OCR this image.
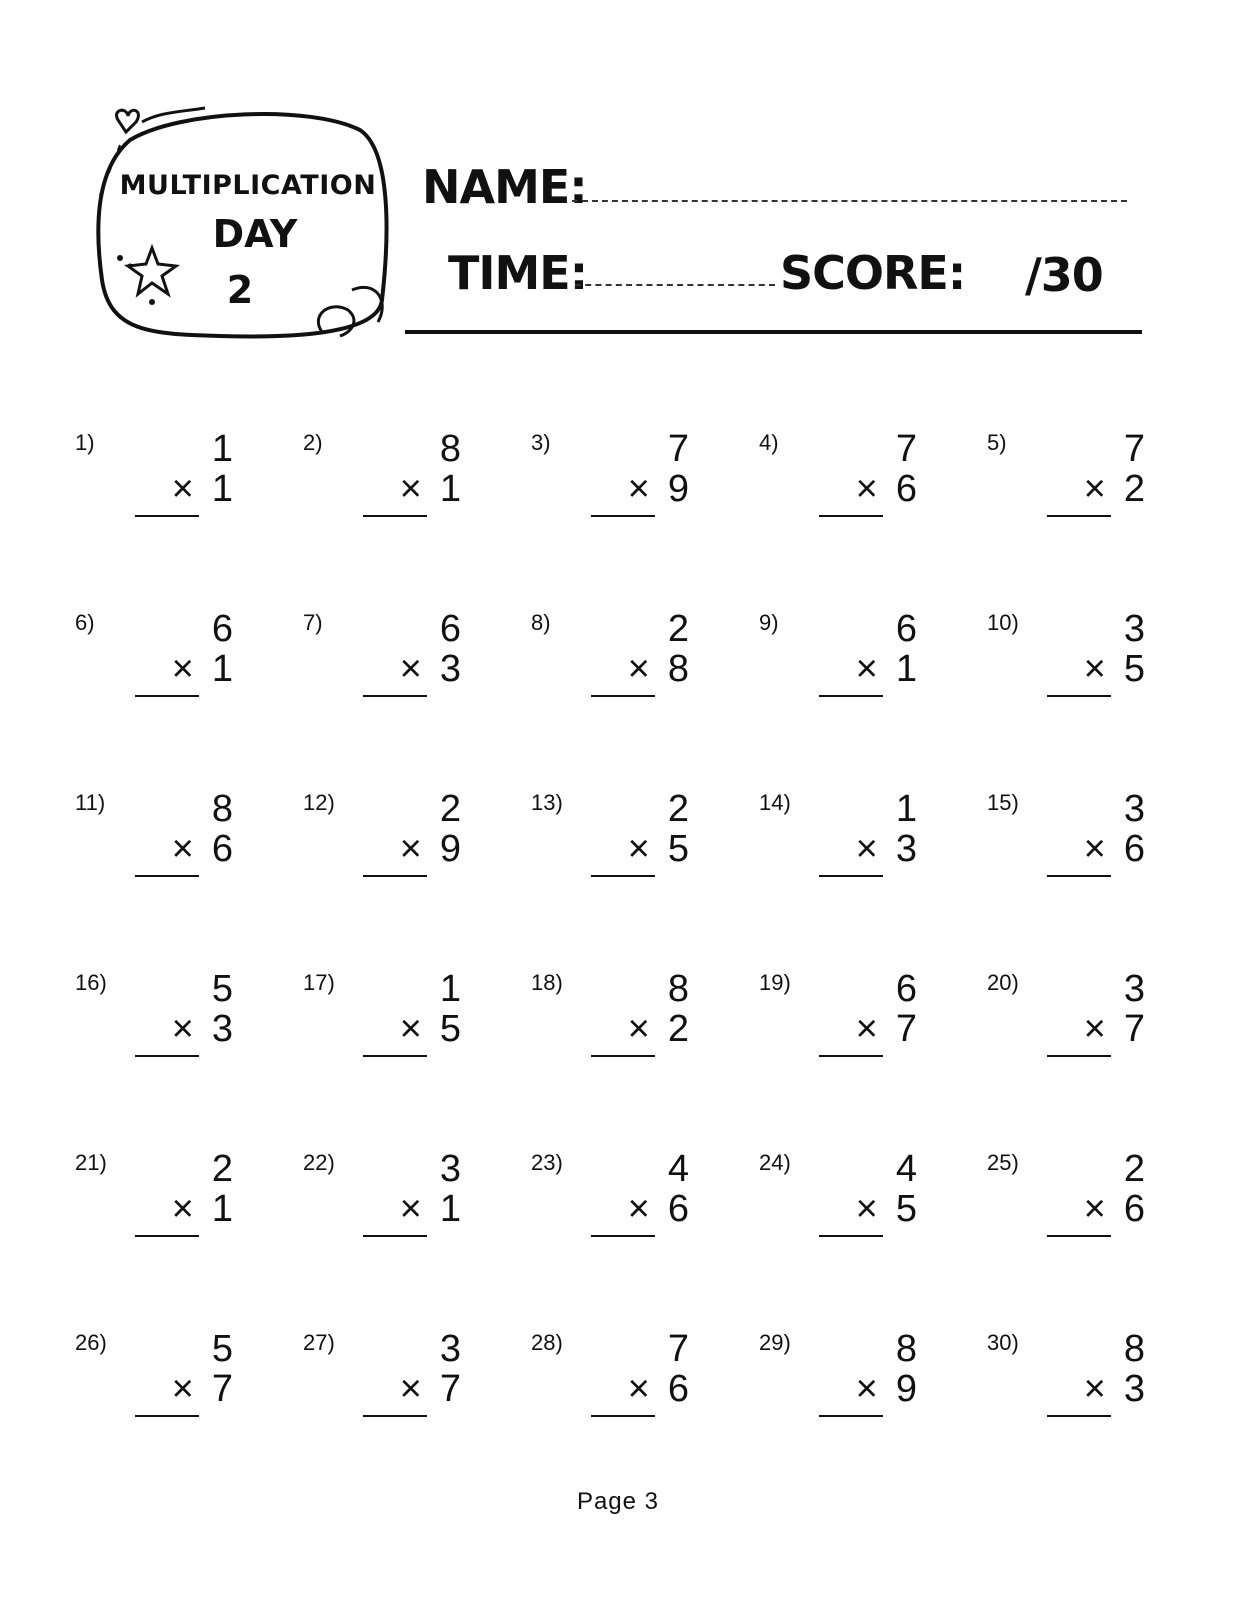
MULTIPLICATION
DAY
2
NAME:
TIME:	SCORE: /30
1)	1
× 1
2)	8
× 1
3)	7
× 9
4)	7
× 6
5)	7
× 2
6)	6
× 1
7)	6
× 3
8)	2
× 8
9)	6
× 1
10)	3
× 5
11)	8
× 6
12)	2
× 9
13)	2
× 5
14)	1
× 3
15)	3
× 6
16)	5
× 3
17)	1
× 5
18)	8
× 2
19)	6
× 7
20)	3
× 7
21)	2
× 1
22)	3
× 1
23)	4
× 6
24)	4
× 5
25)	2
× 6
26)	5
× 7
27)	3
× 7
28)	7
× 6
29)	8
× 9
30)	8
× 3
Page 3
